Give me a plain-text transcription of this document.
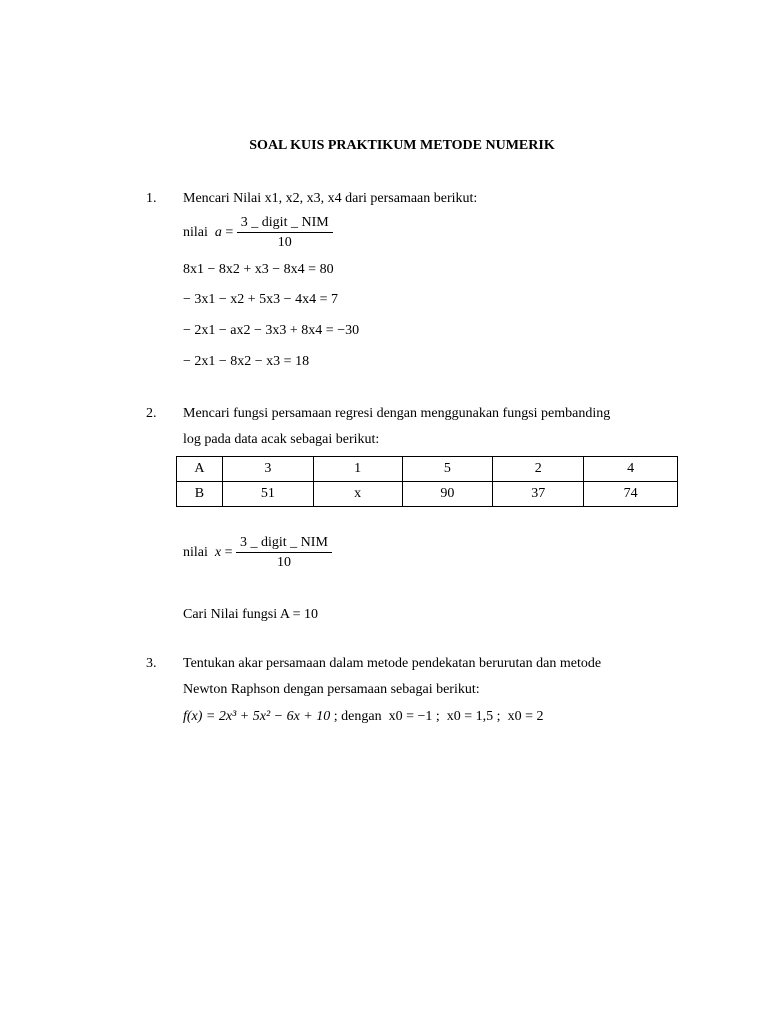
SOAL KUIS PRAKTIKUM METODE NUMERIK
1. Mencari Nilai x1, x2, x3, x4 dari persamaan berikut:
nilai $a = \frac{\text{3 \_ digit \_ NIM}}{10}$
8x1 − 8x2 + x3 − 8x4 = 80
− 3x1 − x2 + 5x3 − 4x4 = 7
− 2x1 − ax2 − 3x3 + 8x4 = −30
− 2x1 − 8x2 − x3 = 18
2. Mencari fungsi persamaan regresi dengan menggunakan fungsi pembanding
log pada data acak sebagai berikut:
A	3	1	5	2	4
B	51	x	90	37	74
nilai $x = \frac{\text{3 \_ digit \_ NIM}}{10}$
Cari Nilai fungsi A = 10
3. Tentukan akar persamaan dalam metode pendekatan berurutan dan metode
Newton Raphson dengan persamaan sebagai berikut:
f(x) = 2x³ + 5x² − 6x + 10 ; dengan x0 = −1 ; x0 = 1,5 ; x0 = 2
